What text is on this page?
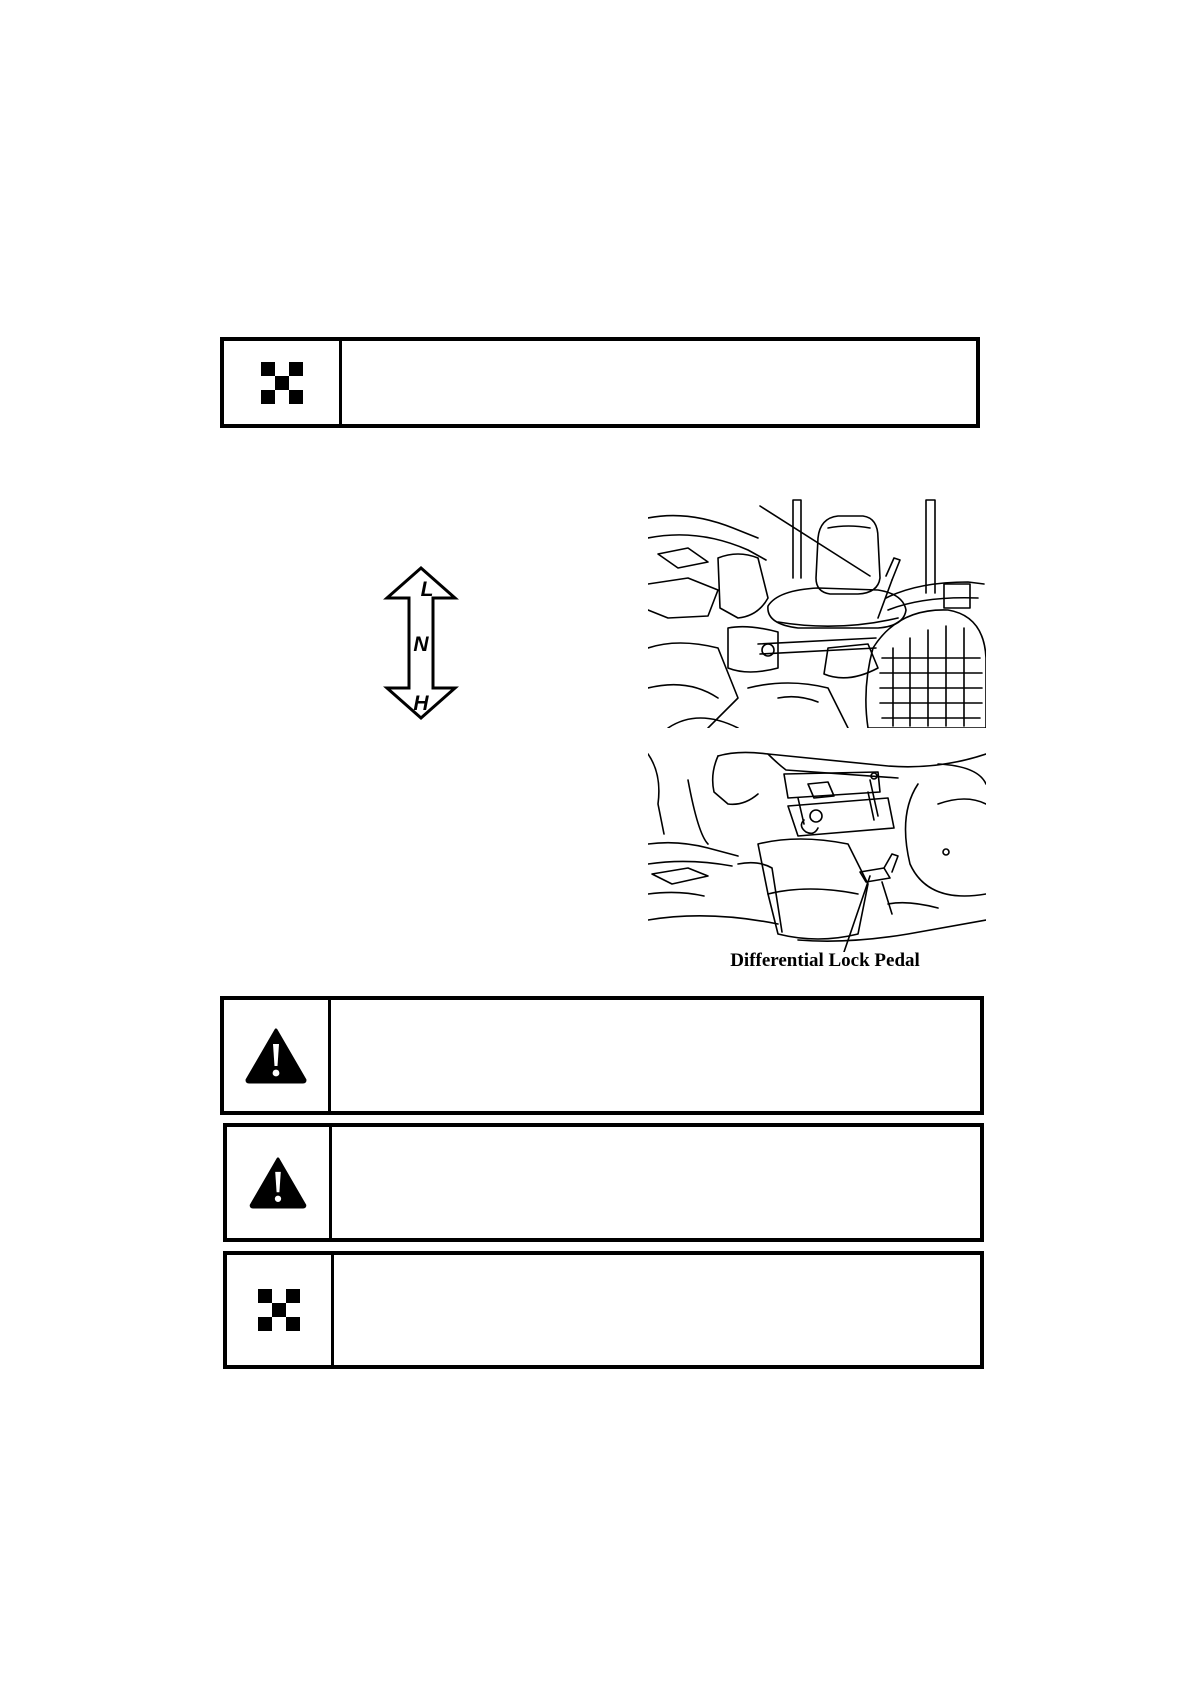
L
N
H
Differential Lock Pedal
